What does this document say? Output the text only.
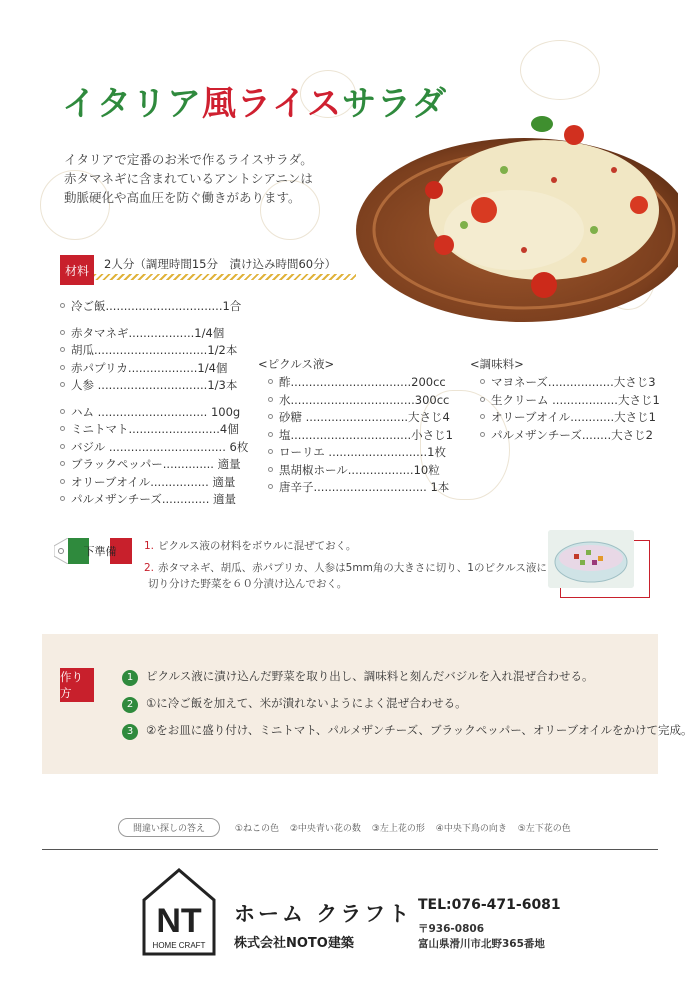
イタリア風ライスサラダ
イタリアで定番のお米で作るライスサラダ。
赤タマネギに含まれているアントシアニンは
動脈硬化や高血圧を防ぐ働きがあります。
材料	2人分（調理時間15分　漬け込み時間60分）
冷ご飯................................1合
赤タマネギ..................1/4個
胡瓜...............................1/2本
赤パプリカ...................1/4個
人参 ..............................1/3本
ハム .............................. 100g
ミニトマト.........................4個
バジル ................................ 6枚
ブラックペッパー.............. 適量
オリーブオイル................ 適量
パルメザンチーズ............. 適量
<ピクルス液>
酢.................................200cc
水..................................300cc
砂糖 ............................大さじ4
塩.................................小さじ1
ローリエ ...........................1枚
黒胡椒ホール..................10粒
唐辛子............................... 1本
<調味料>
マヨネーズ..................大さじ3
生クリーム ..................大さじ1
オリーブオイル............大さじ1
パルメザンチーズ........大さじ2
下準備	1. ピクルス液の材料をボウルに混ぜておく。
2. 赤タマネギ、胡瓜、赤パプリカ、人参は5mm角の大きさに切り、1のピクルス液に
切り分けた野菜を６０分漬け込んでおく。
作り方
1 ピクルス液に漬け込んだ野菜を取り出し、調味料と刻んだバジルを入れ混ぜ合わせる。
2 ①に冷ご飯を加えて、米が潰れないようによく混ぜ合わせる。
3 ②をお皿に盛り付け、ミニトマト、パルメザンチーズ、ブラックペッパー、オリーブオイルをかけて完成。
間違い探しの答え	①ねこの色 ②中央青い花の数 ③左上花の形 ④中央下鳥の向き ⑤左下花の色
NT
HOME CRAFT
ホーム クラフト
株式会社NOTO建築
TEL:076-471-6081
〒936-0806
富山県滑川市北野365番地
